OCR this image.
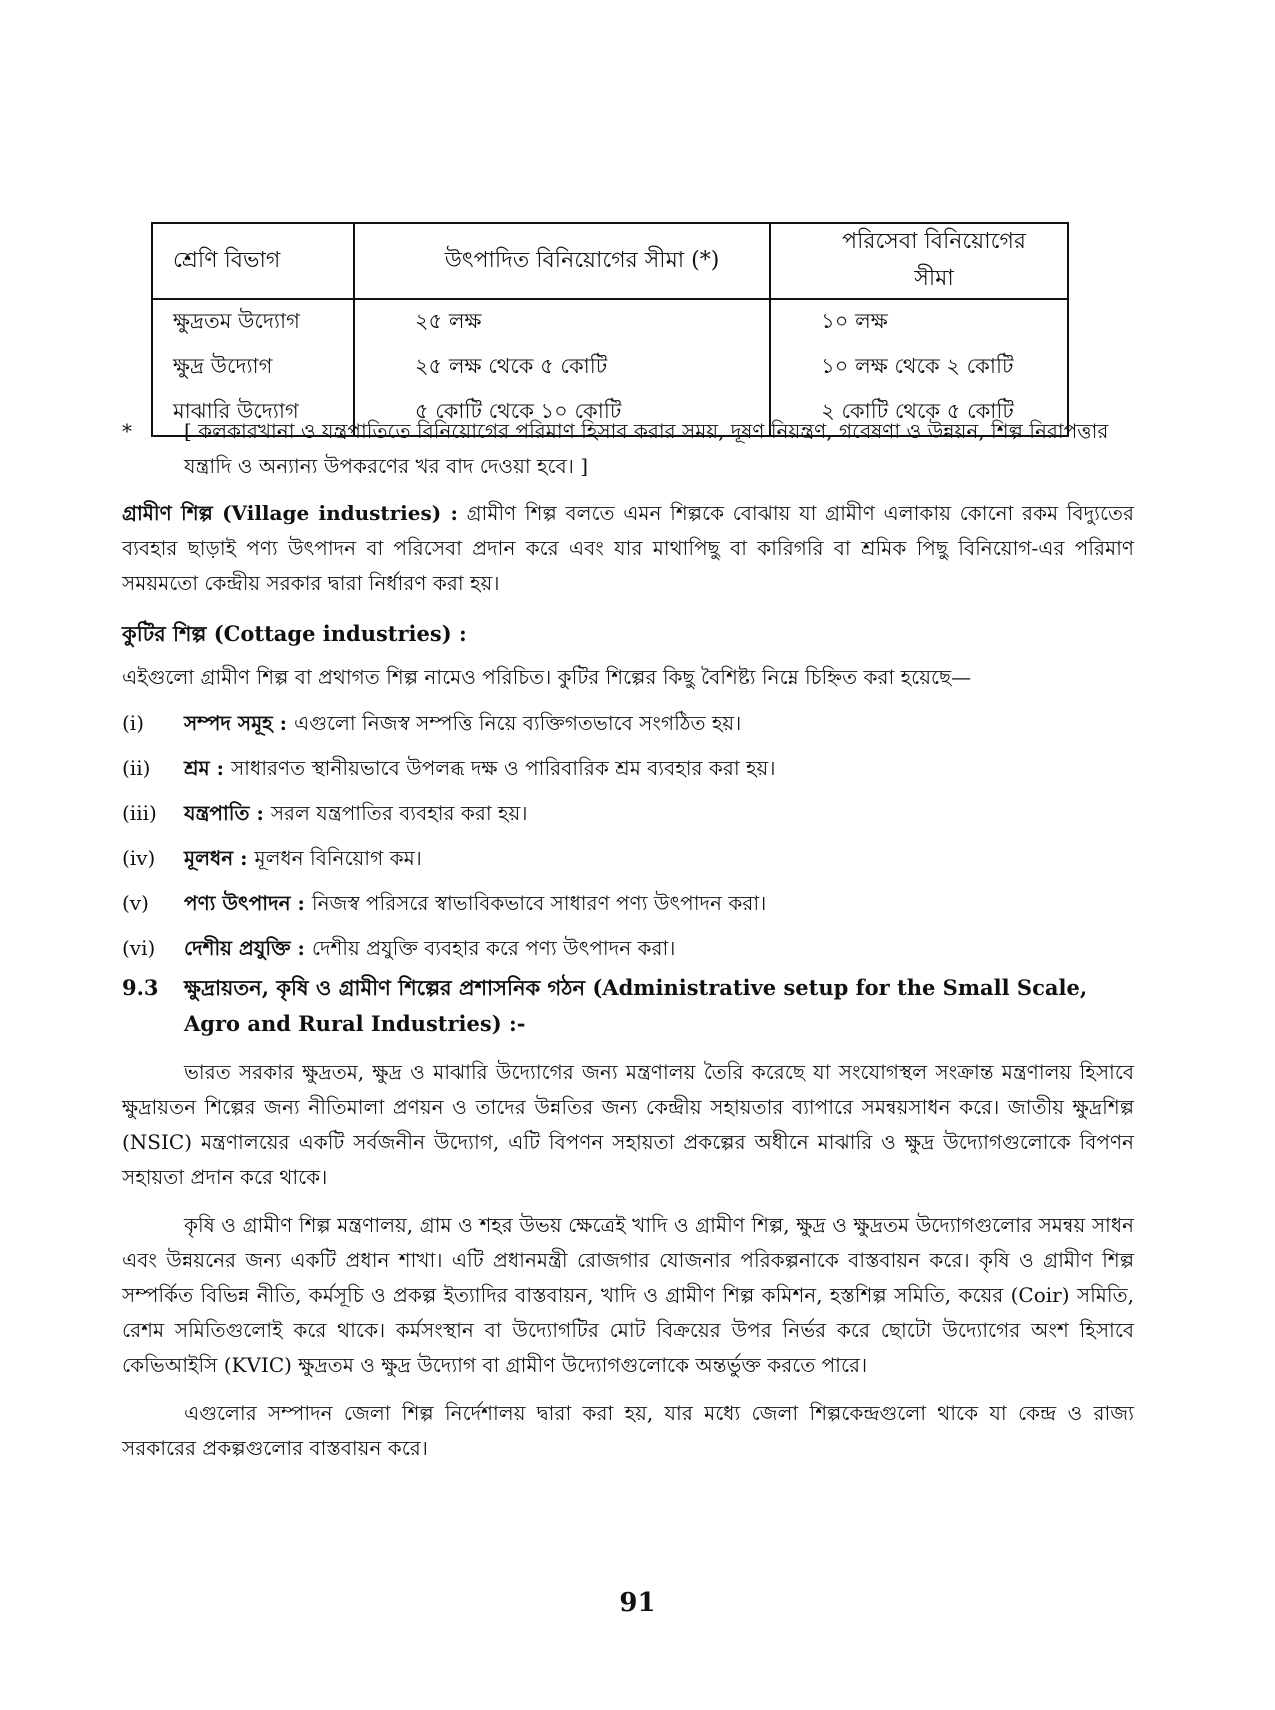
শ্রেণি বিভাগ	উৎপাদিত বিনিয়োগের সীমা (*)	পরিসেবা বিনিয়োগের সীমা
ক্ষুদ্রতম উদ্যোগ	২৫ লক্ষ	১০ লক্ষ
ক্ষুদ্র উদ্যোগ	২৫ লক্ষ থেকে ৫ কোটি	১০ লক্ষ থেকে ২ কোটি
মাঝারি উদ্যোগ	৫ কোটি থেকে ১০ কোটি	২ কোটি থেকে ৫ কোটি
*	[ কলকারখানা ও যন্ত্রপাতিতে বিনিয়োগের পরিমাণ হিসাব করার সময়, দূষণ নিয়ন্ত্রণ, গবেষণা ও উন্নয়ন, শিল্প নিরাপত্তার যন্ত্রাদি ও অন্যান্য উপকরণের খর বাদ দেওয়া হবে। ]
গ্রামীণ শিল্প (Village industries) : গ্রামীণ শিল্প বলতে এমন শিল্পকে বোঝায় যা গ্রামীণ এলাকায় কোনো রকম বিদ্যুতের ব্যবহার ছাড়াই পণ্য উৎপাদন বা পরিসেবা প্রদান করে এবং যার মাথাপিছু বা কারিগরি বা শ্রমিক পিছু বিনিয়োগ-এর পরিমাণ সময়মতো কেন্দ্রীয় সরকার দ্বারা নির্ধারণ করা হয়।
কুটির শিল্প (Cottage industries) :
এইগুলো গ্রামীণ শিল্প বা প্রথাগত শিল্প নামেও পরিচিত। কুটির শিল্পের কিছু বৈশিষ্ট্য নিম্নে চিহ্নিত করা হয়েছে—
(i)	সম্পদ সমূহ : এগুলো নিজস্ব সম্পত্তি নিয়ে ব্যক্তিগতভাবে সংগঠিত হয়।
(ii)	শ্রম : সাধারণত স্থানীয়ভাবে উপলব্ধ দক্ষ ও পারিবারিক শ্রম ব্যবহার করা হয়।
(iii)	যন্ত্রপাতি : সরল যন্ত্রপাতির ব্যবহার করা হয়।
(iv)	মূলধন : মূলধন বিনিয়োগ কম।
(v)	পণ্য উৎপাদন : নিজস্ব পরিসরে স্বাভাবিকভাবে সাধারণ পণ্য উৎপাদন করা।
(vi)	দেশীয় প্রযুক্তি : দেশীয় প্রযুক্তি ব্যবহার করে পণ্য উৎপাদন করা।
9.3 ক্ষুদ্রায়তন, কৃষি ও গ্রামীণ শিল্পের প্রশাসনিক গঠন (Administrative setup for the Small Scale, Agro and Rural Industries) :-
ভারত সরকার ক্ষুদ্রতম, ক্ষুদ্র ও মাঝারি উদ্যোগের জন্য মন্ত্রণালয় তৈরি করেছে যা সংযোগস্থল সংক্রান্ত মন্ত্রণালয় হিসাবে ক্ষুদ্রায়তন শিল্পের জন্য নীতিমালা প্রণয়ন ও তাদের উন্নতির জন্য কেন্দ্রীয় সহায়তার ব্যাপারে সমন্বয়সাধন করে। জাতীয় ক্ষুদ্রশিল্প (NSIC) মন্ত্রণালয়ের একটি সর্বজনীন উদ্যোগ, এটি বিপণন সহায়তা প্রকল্পের অধীনে মাঝারি ও ক্ষুদ্র উদ্যোগগুলোকে বিপণন সহায়তা প্রদান করে থাকে।
কৃষি ও গ্রামীণ শিল্প মন্ত্রণালয়, গ্রাম ও শহর উভয় ক্ষেত্রেই খাদি ও গ্রামীণ শিল্প, ক্ষুদ্র ও ক্ষুদ্রতম উদ্যোগগুলোর সমন্বয় সাধন এবং উন্নয়নের জন্য একটি প্রধান শাখা। এটি প্রধানমন্ত্রী রোজগার যোজনার পরিকল্পনাকে বাস্তবায়ন করে। কৃষি ও গ্রামীণ শিল্প সম্পর্কিত বিভিন্ন নীতি, কর্মসূচি ও প্রকল্প ইত্যাদির বাস্তবায়ন, খাদি ও গ্রামীণ শিল্প কমিশন, হস্তশিল্প সমিতি, কয়ের (Coir) সমিতি, রেশম সমিতিগুলোই করে থাকে। কর্মসংস্থান বা উদ্যোগটির মোট বিক্রয়ের উপর নির্ভর করে ছোটো উদ্যোগের অংশ হিসাবে কেভিআইসি (KVIC) ক্ষুদ্রতম ও ক্ষুদ্র উদ্যোগ বা গ্রামীণ উদ্যোগগুলোকে অন্তর্ভুক্ত করতে পারে।
এগুলোর সম্পাদন জেলা শিল্প নির্দেশালয় দ্বারা করা হয়, যার মধ্যে জেলা শিল্পকেন্দ্রগুলো থাকে যা কেন্দ্র ও রাজ্য সরকারের প্রকল্পগুলোর বাস্তবায়ন করে।
91
